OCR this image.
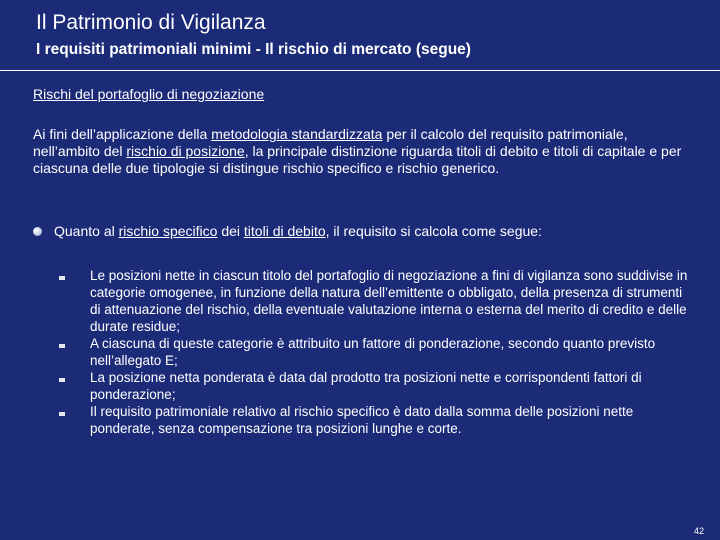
Il Patrimonio di Vigilanza
I requisiti patrimoniali minimi - Il rischio di mercato (segue)
Rischi del portafoglio di negoziazione
Ai fini dell’applicazione della metodologia standardizzata per il calcolo del requisito patrimoniale, nell’ambito del rischio di posizione, la principale distinzione riguarda titoli di debito e titoli di capitale e per ciascuna delle due tipologie si distingue rischio specifico e rischio generico.
Quanto al rischio specifico dei titoli di debito, il requisito si calcola come segue:
Le posizioni nette in ciascun titolo del portafoglio di negoziazione a fini di vigilanza sono suddivise in categorie omogenee, in funzione della natura dell’emittente o obbligato, della presenza di strumenti di attenuazione del rischio, della eventuale valutazione interna o esterna del merito di credito e delle durate residue;
A ciascuna di queste categorie è attribuito un fattore di ponderazione, secondo quanto previsto nell’allegato E;
La posizione netta ponderata è data dal prodotto tra posizioni nette e corrispondenti fattori di ponderazione;
Il requisito patrimoniale relativo al rischio specifico è dato dalla somma delle posizioni nette ponderate, senza compensazione tra posizioni lunghe e corte.
42
